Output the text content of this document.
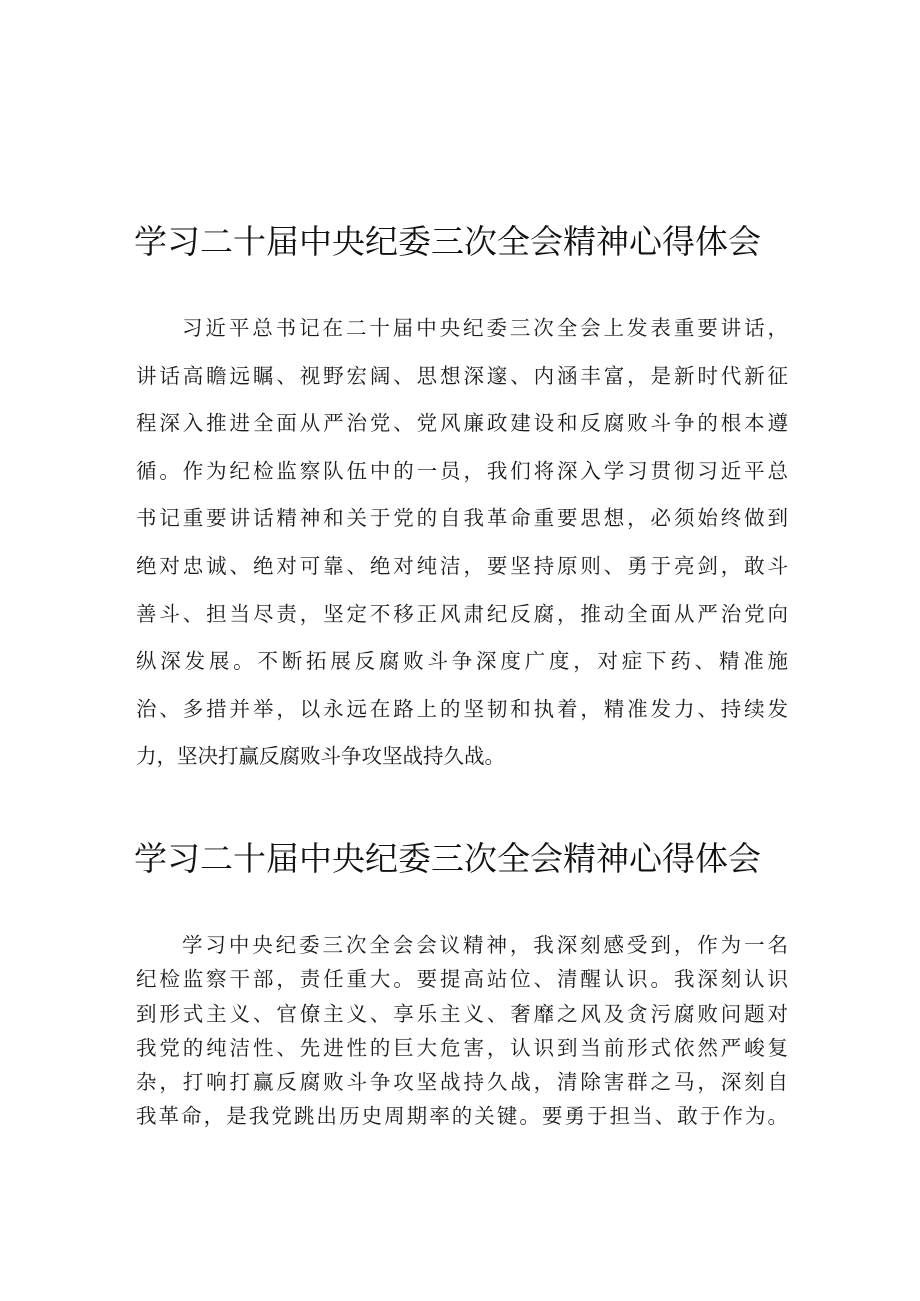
学习二十届中央纪委三次全会精神心得体会
习近平总书记在二十届中央纪委三次全会上发表重要讲话，
讲话高瞻远瞩、视野宏阔、思想深邃、内涵丰富，是新时代新征
程深入推进全面从严治党、党风廉政建设和反腐败斗争的根本遵
循。作为纪检监察队伍中的一员，我们将深入学习贯彻习近平总
书记重要讲话精神和关于党的自我革命重要思想，必须始终做到
绝对忠诚、绝对可靠、绝对纯洁，要坚持原则、勇于亮剑，敢斗
善斗、担当尽责，坚定不移正风肃纪反腐，推动全面从严治党向
纵深发展。不断拓展反腐败斗争深度广度，对症下药、精准施
治、多措并举，以永远在路上的坚韧和执着，精准发力、持续发
力，坚决打赢反腐败斗争攻坚战持久战。
学习二十届中央纪委三次全会精神心得体会
学习中央纪委三次全会会议精神，我深刻感受到，作为一名
纪检监察干部，责任重大。要提高站位、清醒认识。我深刻认识
到形式主义、官僚主义、享乐主义、奢靡之风及贪污腐败问题对
我党的纯洁性、先进性的巨大危害，认识到当前形式依然严峻复
杂，打响打赢反腐败斗争攻坚战持久战，清除害群之马，深刻自
我革命，是我党跳出历史周期率的关键。要勇于担当、敢于作为。
